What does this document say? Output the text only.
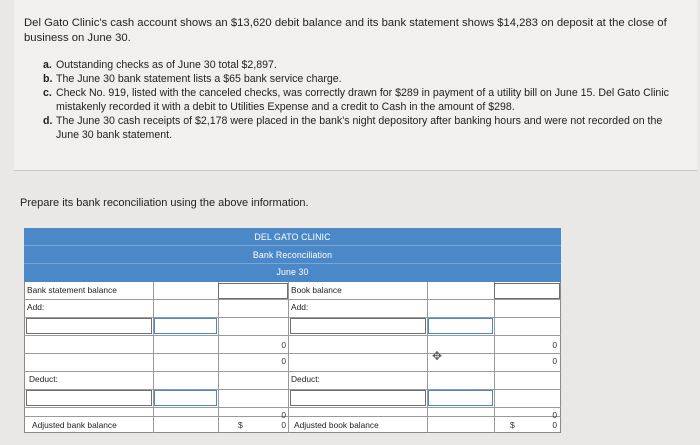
Del Gato Clinic's cash account shows an $13,620 debit balance and its bank statement shows $14,283 on deposit at the close of business on June 30.
a. Outstanding checks as of June 30 total $2,897.
b. The June 30 bank statement lists a $65 bank service charge.
c. Check No. 919, listed with the canceled checks, was correctly drawn for $289 in payment of a utility bill on June 15. Del Gato Clinic mistakenly recorded it with a debit to Utilities Expense and a credit to Cash in the amount of $298.
d. The June 30 cash receipts of $2,178 were placed in the bank's night depository after banking hours and were not recorded on the June 30 bank statement.
Prepare its bank reconciliation using the above information.
DEL GATO CLINIC
Bank Reconciliation
June 30
Bank statement balance
Add:
Deduct:
Adjusted bank balance
Book balance
Add:
Deduct:
Adjusted book balance
0
0
0
$	0
0
0
0
$	0
✥
